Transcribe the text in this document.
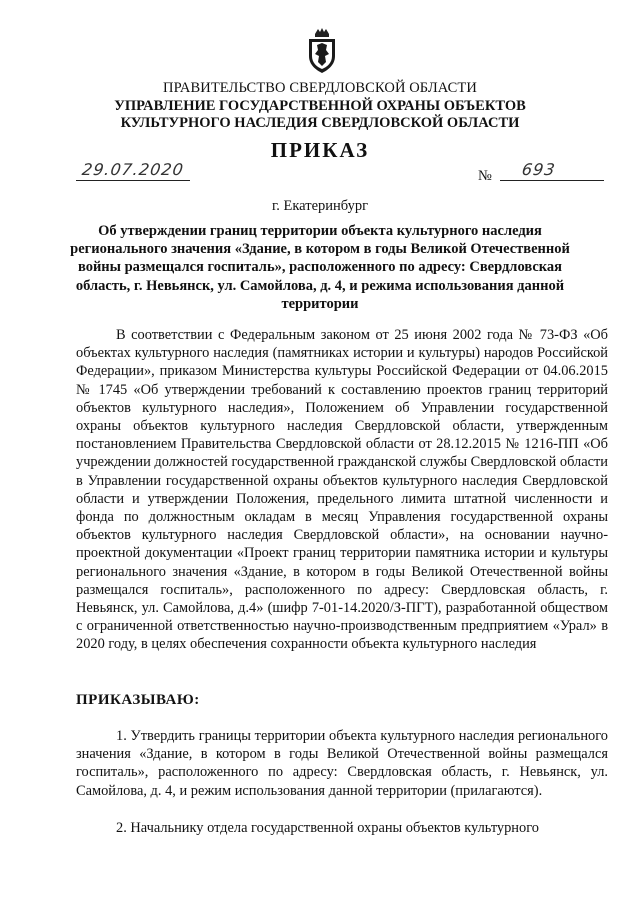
ПРАВИТЕЛЬСТВО СВЕРДЛОВСКОЙ ОБЛАСТИ
УПРАВЛЕНИЕ ГОСУДАРСТВЕННОЙ ОХРАНЫ ОБЪЕКТОВ КУЛЬТУРНОГО НАСЛЕДИЯ СВЕРДЛОВСКОЙ ОБЛАСТИ
ПРИКАЗ
29.07.2020	№ 693
г. Екатеринбург
Об утверждении границ территории объекта культурного наследия регионального значения «Здание, в котором в годы Великой Отечественной войны размещался госпиталь», расположенного по адресу: Свердловская область, г. Невьянск, ул. Самойлова, д. 4, и режима использования данной территории

В соответствии с Федеральным законом от 25 июня 2002 года № 73-ФЗ «Об объектах культурного наследия (памятниках истории и культуры) народов Российской Федерации», приказом Министерства культуры Российской Федерации от 04.06.2015 № 1745 «Об утверждении требований к составлению проектов границ территорий объектов культурного наследия», Положением об Управлении государственной охраны объектов культурного наследия Свердловской области, утвержденным постановлением Правительства Свердловской области от 28.12.2015 № 1216-ПП «Об учреждении должностей государственной гражданской службы Свердловской области в Управлении государственной охраны объектов культурного наследия Свердловской области и утверждении Положения, предельного лимита штатной численности и фонда по должностным окладам в месяц Управления государственной охраны объектов культурного наследия Свердловской области», на основании научно-проектной документации «Проект границ территории памятника истории и культуры регионального значения «Здание, в котором в годы Великой Отечественной войны размещался госпиталь», расположенного по адресу: Свердловская область, г. Невьянск, ул. Самойлова, д.4» (шифр 7-01-14.2020/З-ПГТ), разработанной обществом с ограниченной ответственностью научно-производственным предприятием «Урал» в 2020 году, в целях обеспечения сохранности объекта культурного наследия

ПРИКАЗЫВАЮ:

1. Утвердить границы территории объекта культурного наследия регионального значения «Здание, в котором в годы Великой Отечественной войны размещался госпиталь», расположенного по адресу: Свердловская область, г. Невьянск, ул. Самойлова, д. 4, и режим использования данной территории (прилагаются).

2. Начальнику отдела государственной охраны объектов культурного
